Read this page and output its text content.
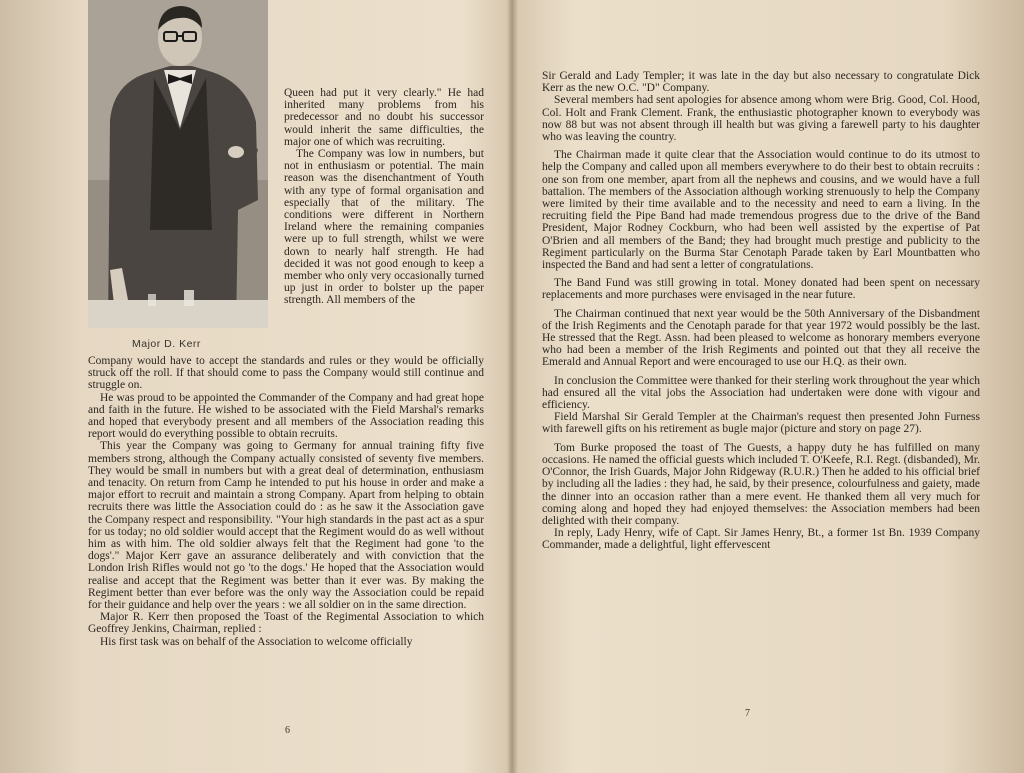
Major D. Kerr

Queen had put it very clearly." He had inherited many problems from his predecessor and no doubt his successor would inherit the same difficulties, the major one of which was recruiting.

The Company was low in numbers, but not in enthusiasm or potential. The main reason was the disenchantment of Youth with any type of formal organisation and especially that of the military. The conditions were different in Northern Ireland where the remaining companies were up to full strength, whilst we were down to nearly half strength. He had decided it was not good enough to keep a member who only very occasionally turned up just in order to bolster up the paper strength. All members of the

Company would have to accept the standards and rules or they would be officially struck off the roll. If that should come to pass the Company would still continue and struggle on.

He was proud to be appointed the Commander of the Company and had great hope and faith in the future. He wished to be associated with the Field Marshal's remarks and hoped that everybody present and all members of the Association reading this report would do everything possible to obtain recruits.

This year the Company was going to Germany for annual training fifty five members strong, although the Company actually consisted of seventy five members. They would be small in numbers but with a great deal of determination, enthusiasm and tenacity. On return from Camp he intended to put his house in order and make a major effort to recruit and maintain a strong Company. Apart from helping to obtain recruits there was little the Association could do : as he saw it the Association gave the Company respect and responsibility. "Your high standards in the past act as a spur for us today; no old soldier would accept that the Regiment would do as well without him as with him. The old soldier always felt that the Regiment had gone 'to the dogs'." Major Kerr gave an assurance deliberately and with conviction that the London Irish Rifles would not go 'to the dogs.' He hoped that the Association would realise and accept that the Regiment was better than it ever was. By making the Regiment better than ever before was the only way the Association could be repaid for their guidance and help over the years : we all soldier on in the same direction.

Major R. Kerr then proposed the Toast of the Regimental Association to which Geoffrey Jenkins, Chairman, replied :

His first task was on behalf of the Association to welcome officially

6

Sir Gerald and Lady Templer; it was late in the day but also necessary to congratulate Dick Kerr as the new O.C. "D" Company.

Several members had sent apologies for absence among whom were Brig. Good, Col. Hood, Col. Holt and Frank Clement. Frank, the enthusiastic photographer known to everybody was now 88 but was not absent through ill health but was giving a farewell party to his daughter who was leaving the country.

The Chairman made it quite clear that the Association would continue to do its utmost to help the Company and called upon all members everywhere to do their best to obtain recruits : one son from one member, apart from all the nephews and cousins, and we would have a full battalion. The members of the Association although working strenuously to help the Company were limited by their time available and to the necessity and need to earn a living. In the recruiting field the Pipe Band had made tremendous progress due to the drive of the Band President, Major Rodney Cockburn, who had been well assisted by the expertise of Pat O'Brien and all members of the Band; they had brought much prestige and publicity to the Regiment particularly on the Burma Star Cenotaph Parade taken by Earl Mountbatten who inspected the Band and had sent a letter of congratulations.

The Band Fund was still growing in total. Money donated had been spent on necessary replacements and more purchases were envisaged in the near future.

The Chairman continued that next year would be the 50th Anniversary of the Disbandment of the Irish Regiments and the Cenotaph parade for that year 1972 would possibly be the last. He stressed that the Regt. Assn. had been pleased to welcome as honorary members everyone who had been a member of the Irish Regiments and pointed out that they all receive the Emerald and Annual Report and were encouraged to use our H.Q. as their own.

In conclusion the Committee were thanked for their sterling work throughout the year which had ensured all the vital jobs the Association had undertaken were done with vigour and efficiency.

Field Marshal Sir Gerald Templer at the Chairman's request then presented John Furness with farewell gifts on his retirement as bugle major (picture and story on page 27).

Tom Burke proposed the toast of The Guests, a happy duty he has fulfilled on many occasions. He named the official guests which included T. O'Keefe, R.I. Regt. (disbanded), Mr. O'Connor, the Irish Guards, Major John Ridgeway (R.U.R.) Then he added to his official brief by including all the ladies : they had, he said, by their presence, colourfulness and gaiety, made the dinner into an occasion rather than a mere event. He thanked them all very much for coming along and hoped they had enjoyed themselves: the Association members had been delighted with their company.

In reply, Lady Henry, wife of Capt. Sir James Henry, Bt., a former 1st Bn. 1939 Company Commander, made a delightful, light effervescent

7
